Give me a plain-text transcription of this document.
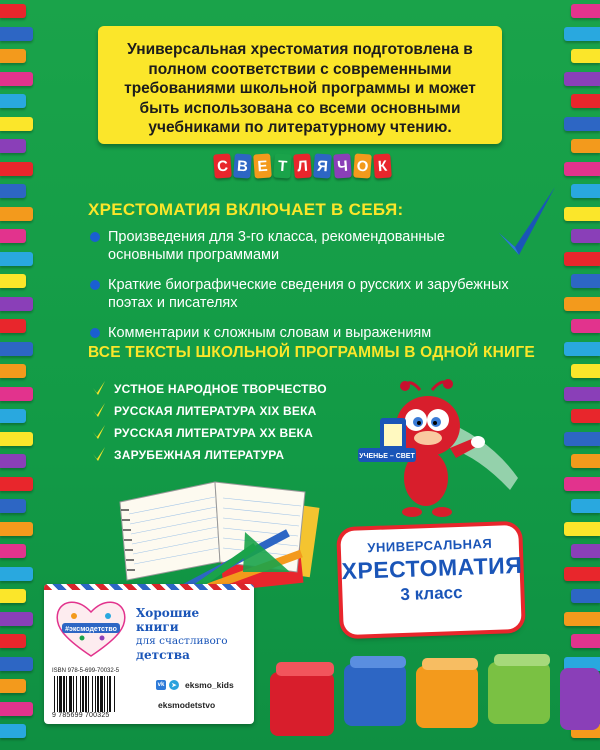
Универсальная хрестоматия подготовлена в полном соответствии с современными требованиями школьной программы и может быть использована со всеми основными учебниками по литературному чтению.

С В Е Т Л Я Ч О К
ХРЕСТОМАТИЯ ВКЛЮЧАЕТ В СЕБЯ:
Произведения для 3-го класса, рекомендованные основными программами
Краткие биографические сведения о русских и зарубежных поэтах и писателях
Комментарии к сложным словам и выражениям
ВСЕ ТЕКСТЫ ШКОЛЬНОЙ ПРОГРАММЫ В ОДНОЙ КНИГЕ
УСТНОЕ НАРОДНОЕ ТВОРЧЕСТВО
РУССКАЯ ЛИТЕРАТУРА XIX ВЕКА
РУССКАЯ ЛИТЕРАТУРА XX ВЕКА
ЗАРУБЕЖНАЯ ЛИТЕРАТУРА	УЧЕНЬЕ – СВЕТ
УНИВЕРСАЛЬНАЯ
ХРЕСТОМАТИЯ
3 класс
#эксмодетство
Хорошие
книги
для счастливого
детства
ISBN 978-5-699-70032-5
9 785699 700325
vk	➤ eksmo_kids
eksmodetstvo
